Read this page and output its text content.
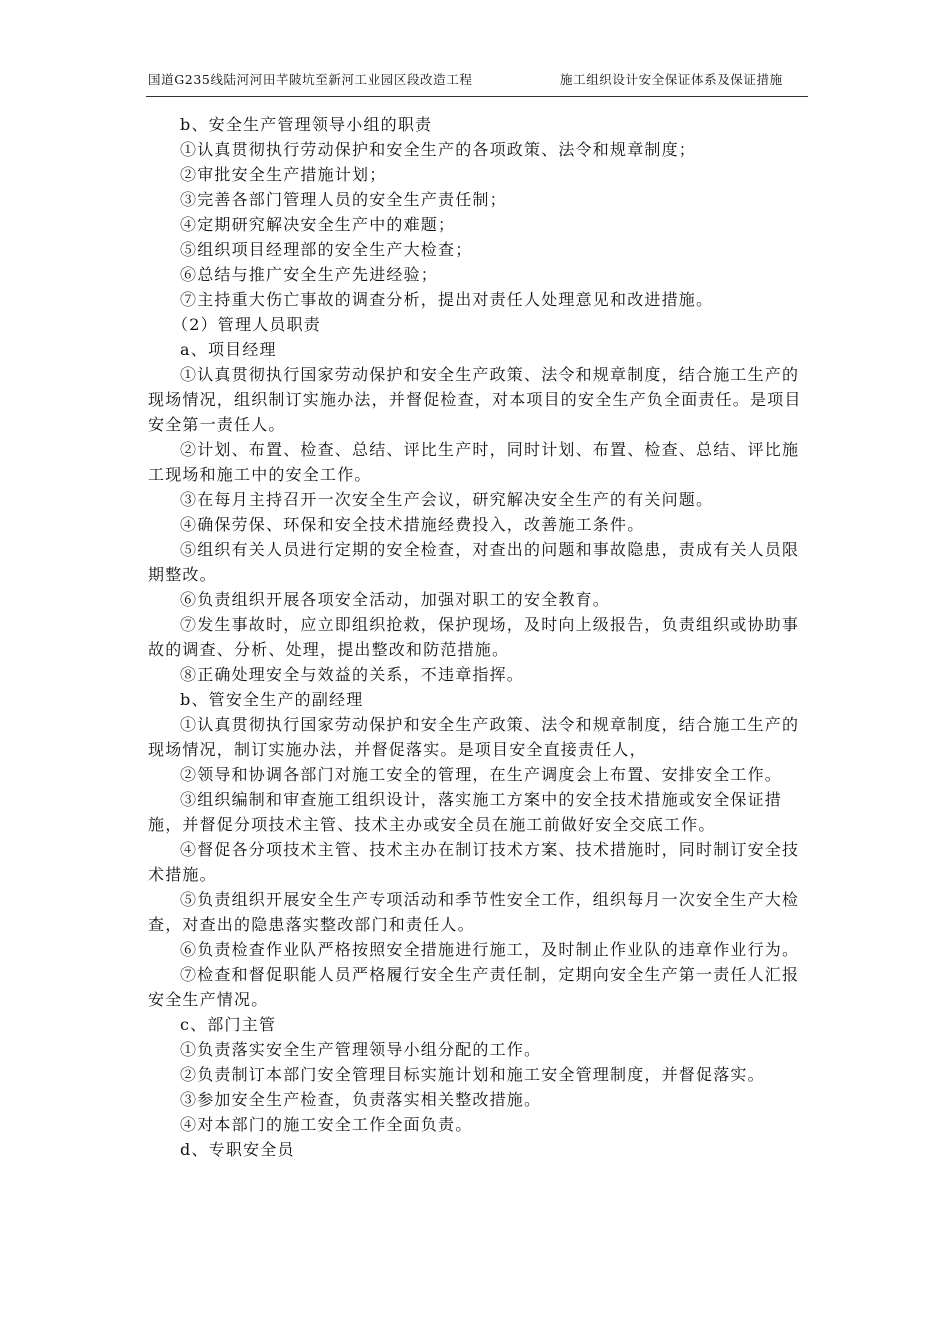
国道G235线陆河河田芊陂坑至新河工业园区段改造工程	施工组织设计安全保证体系及保证措施

b、安全生产管理领导小组的职责

①认真贯彻执行劳动保护和安全生产的各项政策、法令和规章制度；

②审批安全生产措施计划；

③完善各部门管理人员的安全生产责任制；

④定期研究解决安全生产中的难题；

⑤组织项目经理部的安全生产大检查；

⑥总结与推广安全生产先进经验；

⑦主持重大伤亡事故的调查分析，提出对责任人处理意见和改进措施。

（2）管理人员职责

a、项目经理

①认真贯彻执行国家劳动保护和安全生产政策、法令和规章制度，结合施工生产的现场情况，组织制订实施办法，并督促检查，对本项目的安全生产负全面责任。是项目安全第一责任人。

②计划、布置、检查、总结、评比生产时，同时计划、布置、检查、总结、评比施工现场和施工中的安全工作。

③在每月主持召开一次安全生产会议，研究解决安全生产的有关问题。

④确保劳保、环保和安全技术措施经费投入，改善施工条件。

⑤组织有关人员进行定期的安全检查，对查出的问题和事故隐患，责成有关人员限期整改。

⑥负责组织开展各项安全活动，加强对职工的安全教育。

⑦发生事故时，应立即组织抢救，保护现场，及时向上级报告，负责组织或协助事故的调查、分析、处理，提出整改和防范措施。

⑧正确处理安全与效益的关系，不违章指挥。

b、管安全生产的副经理

①认真贯彻执行国家劳动保护和安全生产政策、法令和规章制度，结合施工生产的现场情况，制订实施办法，并督促落实。是项目安全直接责任人，

②领导和协调各部门对施工安全的管理，在生产调度会上布置、安排安全工作。

③组织编制和审查施工组织设计，落实施工方案中的安全技术措施或安全保证措施，并督促分项技术主管、技术主办或安全员在施工前做好安全交底工作。

④督促各分项技术主管、技术主办在制订技术方案、技术措施时，同时制订安全技术措施。

⑤负责组织开展安全生产专项活动和季节性安全工作，组织每月一次安全生产大检查，对查出的隐患落实整改部门和责任人。

⑥负责检查作业队严格按照安全措施进行施工，及时制止作业队的违章作业行为。

⑦检查和督促职能人员严格履行安全生产责任制，定期向安全生产第一责任人汇报安全生产情况。

c、部门主管

①负责落实安全生产管理领导小组分配的工作。

②负责制订本部门安全管理目标实施计划和施工安全管理制度，并督促落实。

③参加安全生产检查，负责落实相关整改措施。

④对本部门的施工安全工作全面负责。

d、专职安全员
